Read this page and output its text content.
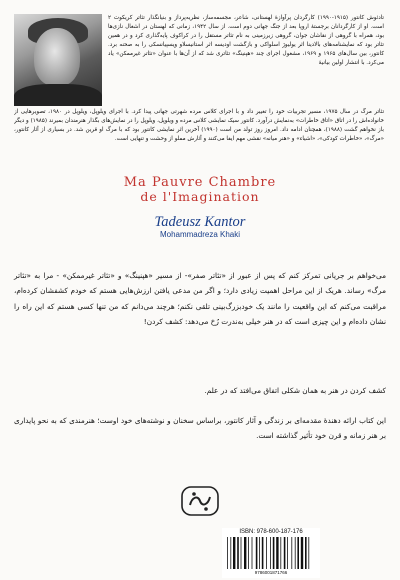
تادئوش کانتور (۱۹۱۵-۱۹۹۰) کارگردان پرآوازهٔ لهستانی، شاعر، مجسمه‌ساز، نظریه‌پرداز و بنیانگذار تئاتر کریکوت ۲ است. او از کارگردانان برجستهٔ اروپا بعد از جنگ جهانی دوم است. از سال ۱۹۴۲، زمانی که لهستان در اشغال نازی‌ها بود، همراه با گروهی از نقاشان جوان، گروهی زیرزمینی به نام تئاتر مستقل را در کراکوف پایه‌گذاری کرد و در همین تئاتر بود که نمایشنامه‌های بالادینا اثر یولیوژ اسلواکی و بازگشت اودیسه اثر استانیسلاو ویسپیانسکی را به صحنه برد. کانتور، بین سال‌های ۱۹۶۵ و ۱۹۶۹، مشغول اجرای چند «هپنینگ» تئاتری شد که از آن‌ها با عنوان «تئاتر غیرممکن» یاد می‌کرد. با انتشار اولین بیانیهٔ
تئاتر مرگ در سال ۱۹۷۵، مسیر تجربیات خود را تغییر داد و با اجرای کلاس مرده شهرتی جهانی پیدا کرد. با اجرای ویلوپل، ویلوپل در ۱۹۸۰، تصویرهایی از خانواده‌اش را در اتاق «اتاق خاطرات» به‌نمایش درآورد. کانتور سیک نمایشی کلاس مرده و ویلوپل، ویلوپل را در نمایش‌های بگذار هنرمندان بمیرند (۱۹۸۵) و دیگر باز نخواهم گشت (۱۹۸۸)، همچنان ادامه داد. امروز روز تولد من است (۱۹۹۰) آخرین اثر نمایشی کانتور بود که با مرگ او قرین شد. در بسیاری از آثار کانتور، «مرگ»، «خاطرات کودکی»، «اشیاء» و «هنر میانه» نقشی مهم ایفا می‌کنند و آثارش مملو از وحشت و تنهایی است.
Ma Pauvre Chambre
de l'Imagination
Tadeusz Kantor
Mohammadreza Khaki
می‌خواهم بر جریانی تمرکز کنم که پس از عبور از «تئاتر صفر»- از مسیر «هپنینگ» و «تئاتر غیرممکن» - مرا به «تئاتر مرگ» رساند. هریک از این مراحل اهمیت زیادی دارد؛ و اگر من مدعی یافتن ارزش‌هایی هستم که خودم کشفشان کرده‌ام، مراقبت می‌کنم که این واقعیت را مانند یک خودبزرگ‌بینی تلقی نکنم؛ هرچند می‌دانم که من تنها کسی هستم که این راه را نشان داده‌ام و این چیزی است که در هنر خیلی به‌ندرت رُخ می‌دهد: کشف کردن!
کشف کردن در هنر به همان شکلی اتفاق می‌افتد که در علم.
این کتاب ارائه دهندهٔ مقدمه‌ای بر زندگی و آثار کانتور، براساس سخنان و نوشته‌های خود اوست؛ هنرمندی که به نحو پایداری بر هنر زمانه و قرن خود تأثیر گذاشته است.
ISBN: 978-600-187-176
9786001871766
